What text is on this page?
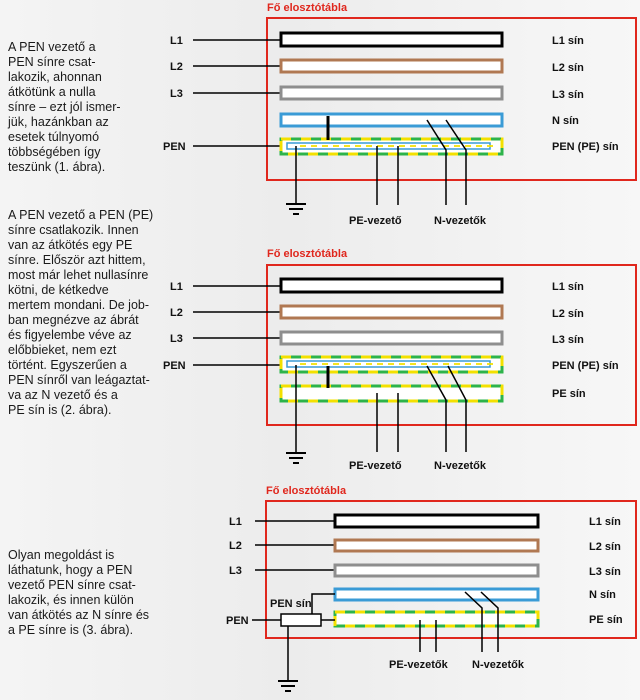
A PEN vezető a
PEN sínre csat-
lakozik, ahonnan
átkötünk a nulla
sínre – ezt jól ismer-
jük, hazánkban az
esetek túlnyomó
többségében így
teszünk (1. ábra).

A PEN vezető a PEN (PE)
sínre csatlakozik. Innen
van az átkötés egy PE
sínre. Először azt hittem,
most már lehet nullasínre
kötni, de kétkedve
mertem mondani. De job-
ban megnézve az ábrát
és figyelembe véve az
előbbieket, nem ezt
történt. Egyszerűen a
PEN sínről van leágaztat-
va az N vezető és a
PE sín is (2. ábra).

Olyan megoldást is
láthatunk, hogy a PEN
vezető PEN sínre csat-
lakozik, és innen külön
van átkötés az N sínre és
a PE sínre is (3. ábra).

Fő elosztótábla
L1
L2
L3
PEN
L1 sín
L2 sín
L3 sín
N sín
PEN (PE) sín
PE-vezető	N-vezetők
Fő elosztótábla
L1
L2
L3
PEN
L1 sín
L2 sín
L3 sín
PEN (PE) sín
PE sín
PE-vezető	N-vezetők
Fő elosztótábla
L1
L2
L3
PEN
PEN sín
L1 sín
L2 sín
L3 sín
N sín
PE sín
PE-vezetők N-vezetők
